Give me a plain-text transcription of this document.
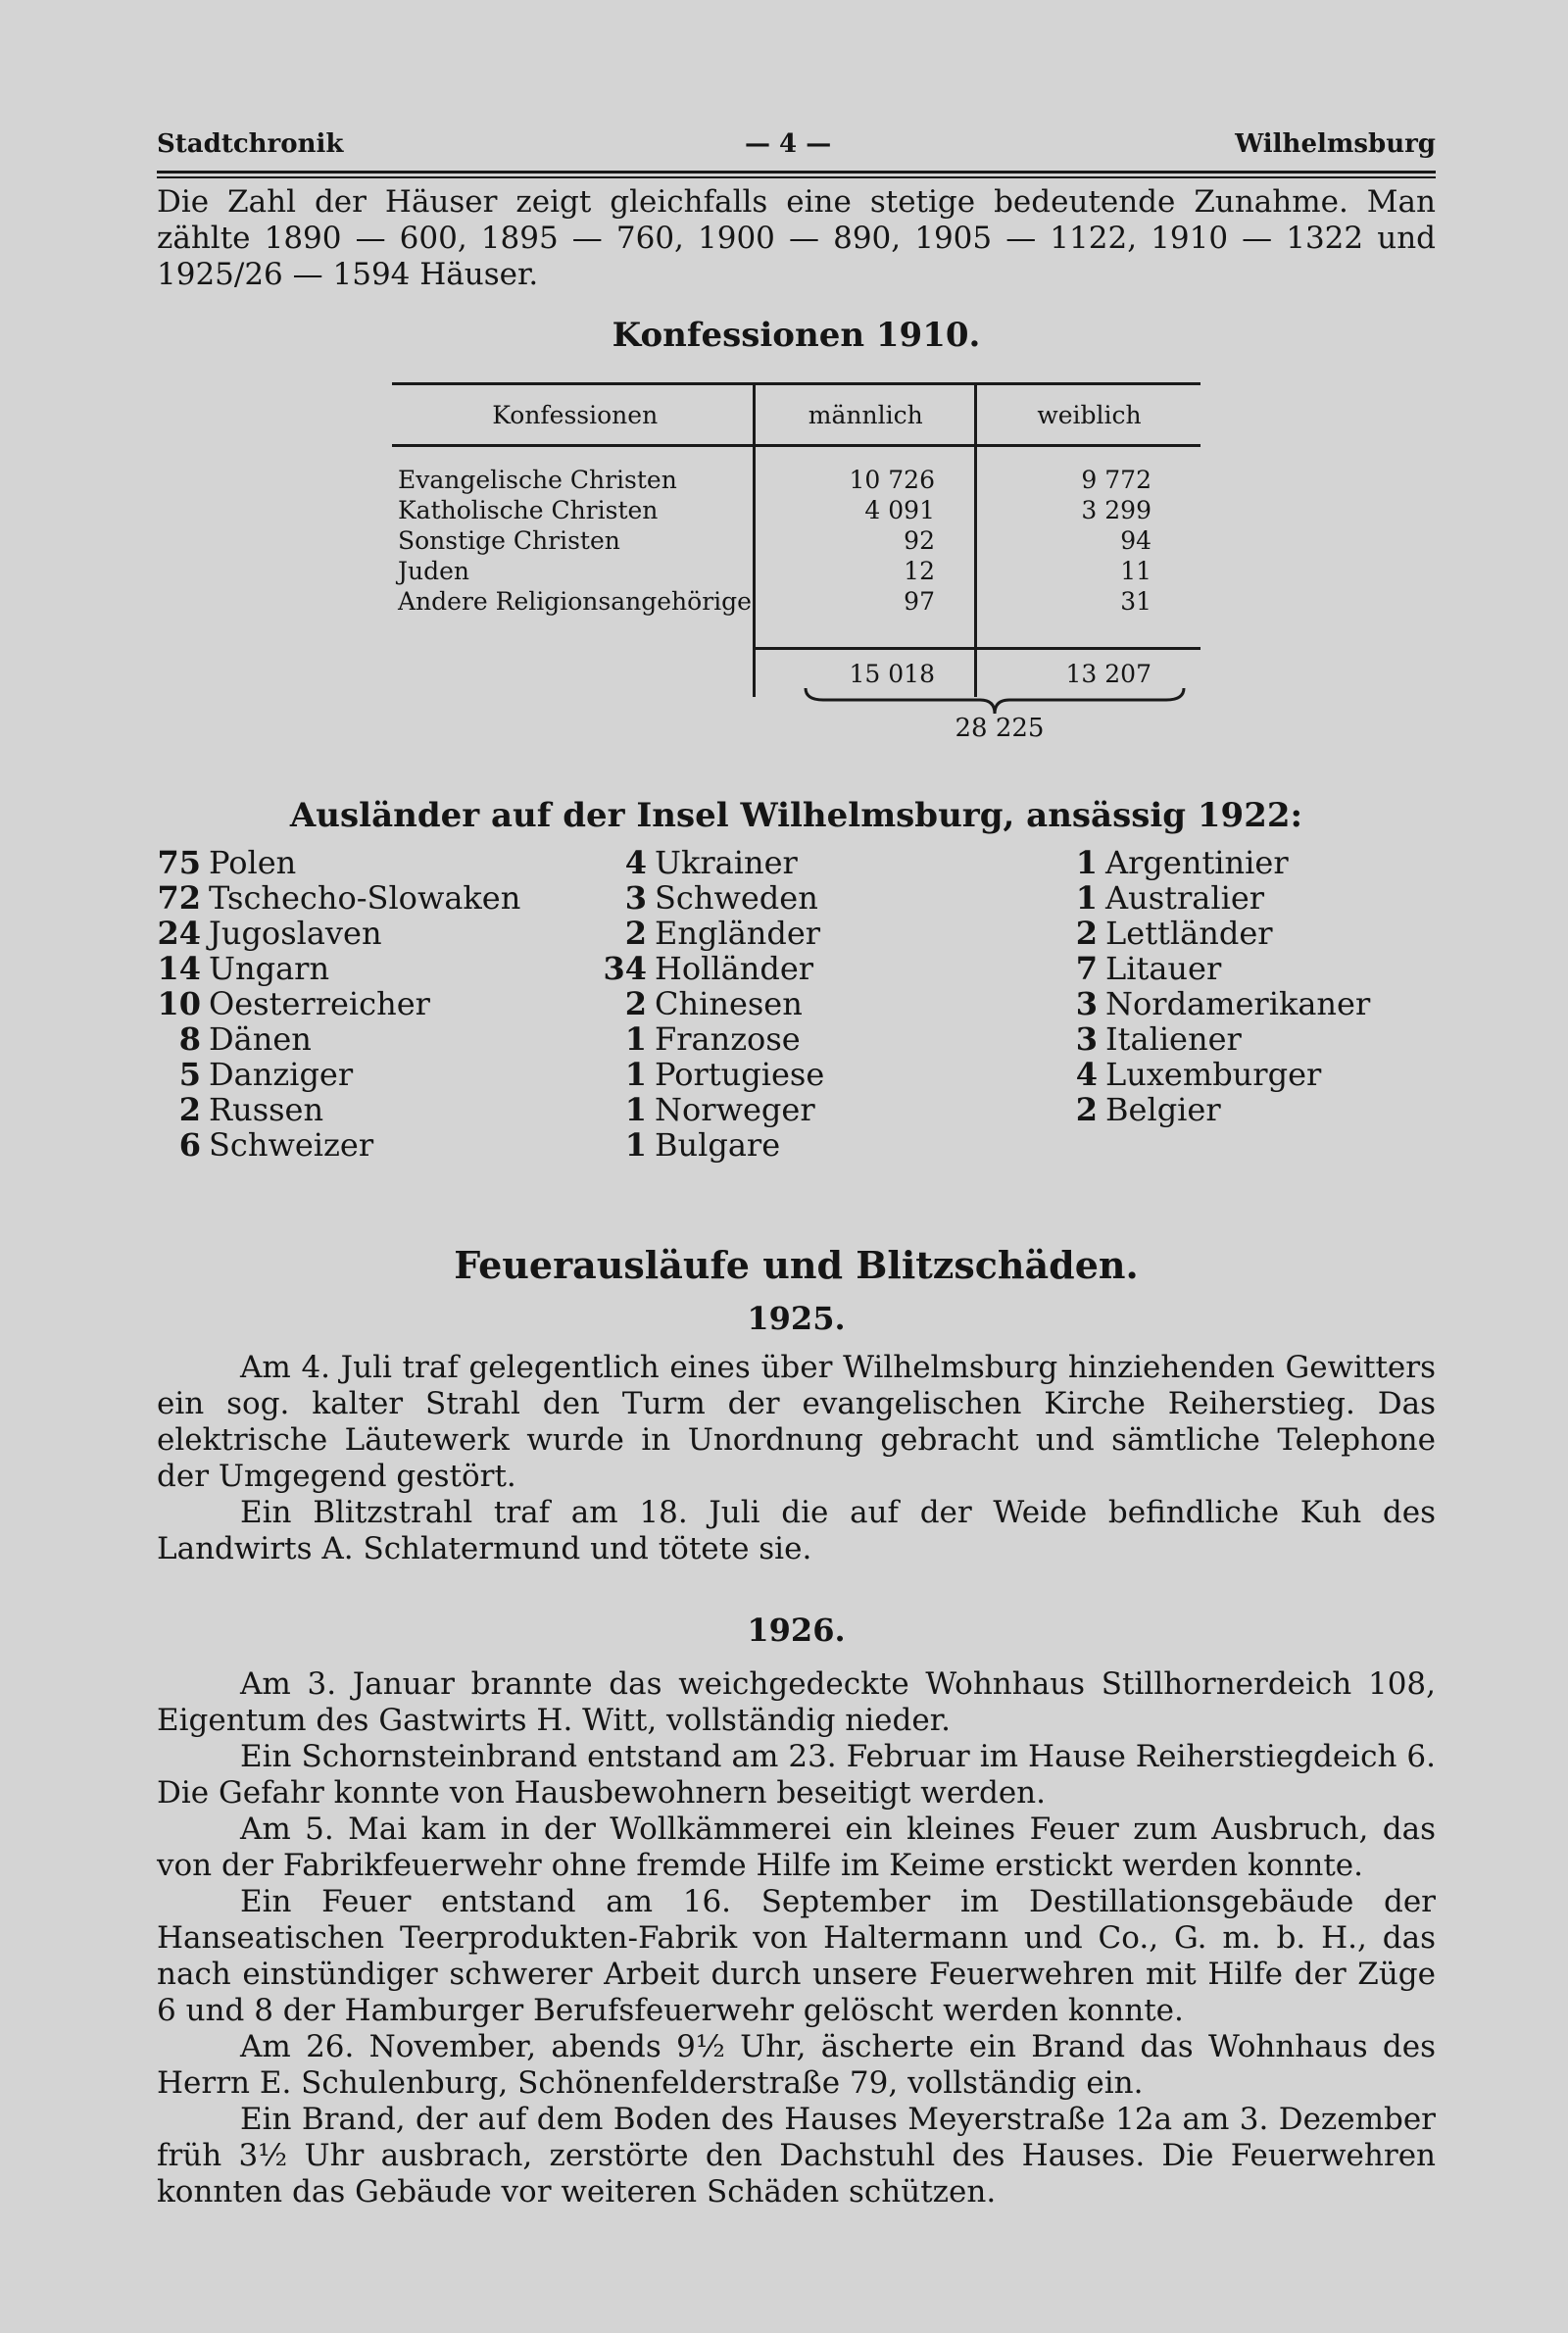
Stadtchronik	— 4 —	Wilhelmsburg
Die Zahl der Häuser zeigt gleichfalls eine stetige bedeutende Zunahme. Man
zählte 1890 — 600, 1895 — 760, 1900 — 890, 1905 — 1122, 1910 — 1322 und
1925/26 — 1594 Häuser.
Konfessionen 1910.
Konfessionen	männlich	weiblich
Evangelische Christen	10 726	9 772
Katholische Christen	4 091	3 299
Sonstige Christen	92	94
Juden	12	11
Andere Religionsangehörige	97	31

	15 018	13 207
28 225
Ausländer auf der Insel Wilhelmsburg, ansässig 1922:
75 Polen
72 Tschecho-Slowaken
24 Jugoslaven
14 Ungarn
10 Oesterreicher
8 Dänen
5 Danziger
2 Russen
6 Schweizer
4 Ukrainer
3 Schweden
2 Engländer
34 Holländer
2 Chinesen
1 Franzose
1 Portugiese
1 Norweger
1 Bulgare
1 Argentinier
1 Australier
2 Lettländer
7 Litauer
3 Nordamerikaner
3 Italiener
4 Luxemburger
2 Belgier
Feuerausläufe und Blitzschäden.
1925.

Am 4. Juli traf gelegentlich eines über Wilhelmsburg hinziehenden Gewitters ein sog. kalter Strahl den Turm der evangelischen Kirche Reiherstieg. Das elektrische Läutewerk wurde in Unordnung gebracht und sämtliche Telephone der Umgegend gestört.

Ein Blitzstrahl traf am 18. Juli die auf der Weide befindliche Kuh des Landwirts A. Schlatermund und tötete sie.

1926.

Am 3. Januar brannte das weichgedeckte Wohnhaus Stillhornerdeich 108, Eigentum des Gastwirts H. Witt, vollständig nieder.

Ein Schornsteinbrand entstand am 23. Februar im Hause Reiherstiegdeich 6. Die Gefahr konnte von Hausbewohnern beseitigt werden.

Am 5. Mai kam in der Wollkämmerei ein kleines Feuer zum Ausbruch, das von der Fabrikfeuerwehr ohne fremde Hilfe im Keime erstickt werden konnte.

Ein Feuer entstand am 16. September im Destillationsgebäude der Hanseatischen Teerprodukten-Fabrik von Haltermann und Co., G. m. b. H., das nach einstündiger schwerer Arbeit durch unsere Feuerwehren mit Hilfe der Züge 6 und 8 der Hamburger Berufsfeuerwehr gelöscht werden konnte.

Am 26. November, abends 9½ Uhr, äscherte ein Brand das Wohnhaus des Herrn E. Schulenburg, Schönenfelderstraße 79, vollständig ein.

Ein Brand, der auf dem Boden des Hauses Meyerstraße 12a am 3. Dezember früh 3½ Uhr ausbrach, zerstörte den Dachstuhl des Hauses. Die Feuerwehren konnten das Gebäude vor weiteren Schäden schützen.
